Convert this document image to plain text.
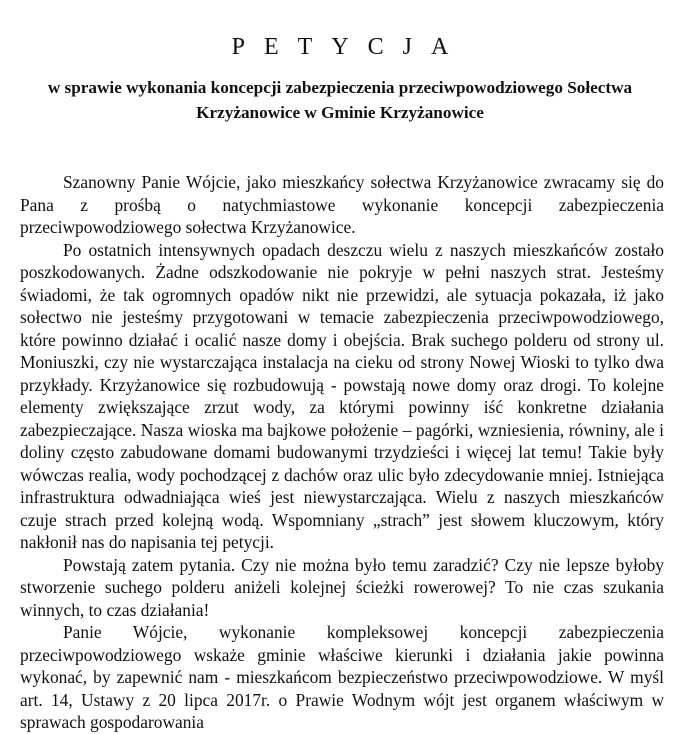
PETYCJA
w sprawie wykonania koncepcji zabezpieczenia przeciwpowodziowego Sołectwa
Krzyżanowice w Gminie Krzyżanowice

Szanowny Panie Wójcie, jako mieszkańcy sołectwa Krzyżanowice zwracamy się do Pana z prośbą o natychmiastowe wykonanie koncepcji zabezpieczenia przeciwpowodziowego sołectwa Krzyżanowice.

Po ostatnich intensywnych opadach deszczu wielu z naszych mieszkańców zostało poszkodowanych. Żadne odszkodowanie nie pokryje w pełni naszych strat. Jesteśmy świadomi, że tak ogromnych opadów nikt nie przewidzi, ale sytuacja pokazała, iż jako sołectwo nie jesteśmy przygotowani w temacie zabezpieczenia przeciwpowodziowego, które powinno działać i ocalić nasze domy i obejścia. Brak suchego polderu od strony ul. Moniuszki, czy nie wystarczająca instalacja na cieku od strony Nowej Wioski to tylko dwa przykłady. Krzyżanowice się rozbudowują - powstają nowe domy oraz drogi. To kolejne elementy zwiększające zrzut wody, za którymi powinny iść konkretne działania zabezpieczające. Nasza wioska ma bajkowe położenie – pagórki, wzniesienia, równiny, ale i doliny często zabudowane domami budowanymi trzydzieści i więcej lat temu! Takie były wówczas realia, wody pochodzącej z dachów oraz ulic było zdecydowanie mniej. Istniejąca infrastruktura odwadniająca wieś jest niewystarczająca. Wielu z naszych mieszkańców czuje strach przed kolejną wodą. Wspomniany „strach” jest słowem kluczowym, który nakłonił nas do napisania tej petycji.

Powstają zatem pytania. Czy nie można było temu zaradzić? Czy nie lepsze byłoby stworzenie suchego polderu aniżeli kolejnej ścieżki rowerowej? To nie czas szukania winnych, to czas działania!

Panie Wójcie, wykonanie kompleksowej koncepcji zabezpieczenia przeciwpowodziowego wskaże gminie właściwe kierunki i działania jakie powinna wykonać, by zapewnić nam - mieszkańcom bezpieczeństwo przeciwpowodziowe. W myśl art. 14, Ustawy z 20 lipca 2017r. o Prawie Wodnym wójt jest organem właściwym w sprawach gospodarowania
